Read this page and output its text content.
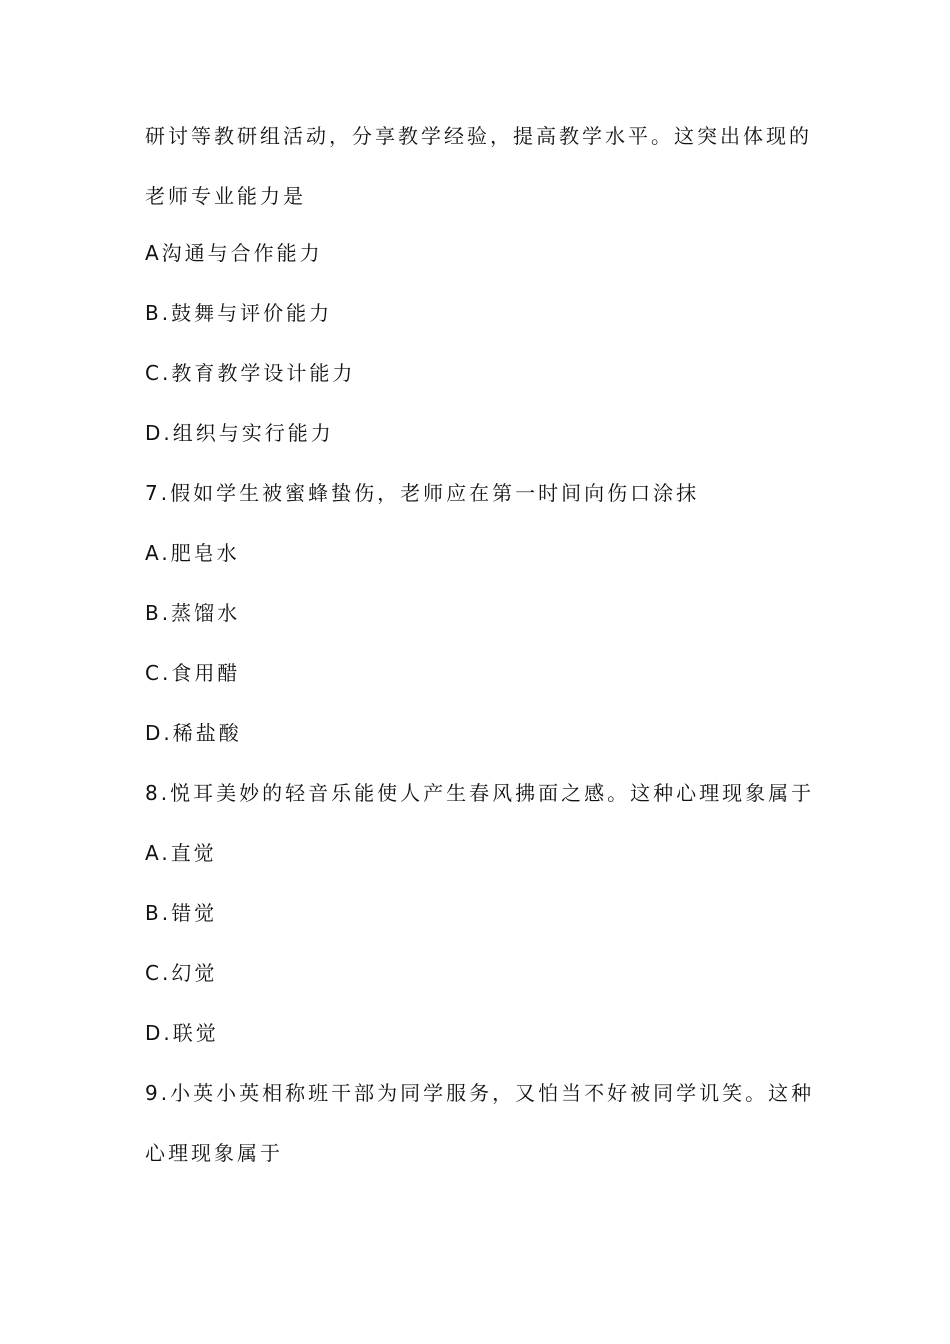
研讨等教研组活动，分享教学经验，提高教学水平。这突出体现的
老师专业能力是
A沟通与合作能力
B.鼓舞与评价能力
C.教育教学设计能力
D.组织与实行能力
7.假如学生被蜜蜂蛰伤，老师应在第一时间向伤口涂抹
A.肥皂水
B.蒸馏水
C.食用醋
D.稀盐酸
8.悦耳美妙的轻音乐能使人产生春风拂面之感。这种心理现象属于
A.直觉
B.错觉
C.幻觉
D.联觉
9.小英小英相称班干部为同学服务，又怕当不好被同学讥笑。这种
心理现象属于
